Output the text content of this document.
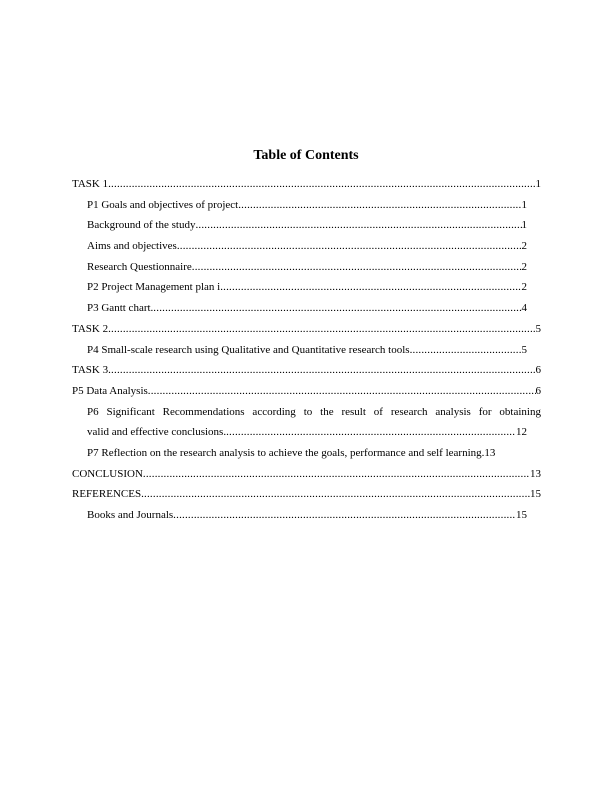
Table of Contents
TASK 1 .....	1
P1 Goals and objectives of project .....	1
Background of the study .....	1
Aims and objectives .....	2
Research Questionnaire .....	2
P2 Project Management plan i .....	2
P3 Gantt chart. .....	4
TASK 2 .....	5
P4 Small-scale research using Qualitative and Quantitative research tools .....	5
TASK 3 .....	6
P5 Data Analysis .....	6
P6 Significant Recommendations according to the result of research analysis for obtaining
valid and effective conclusions. .....	12
P7 Reflection on the research analysis to achieve the goals, performance and self learning. 13
CONCLUSION .....	13
REFERENCES .....	15
Books and Journals .....	15
